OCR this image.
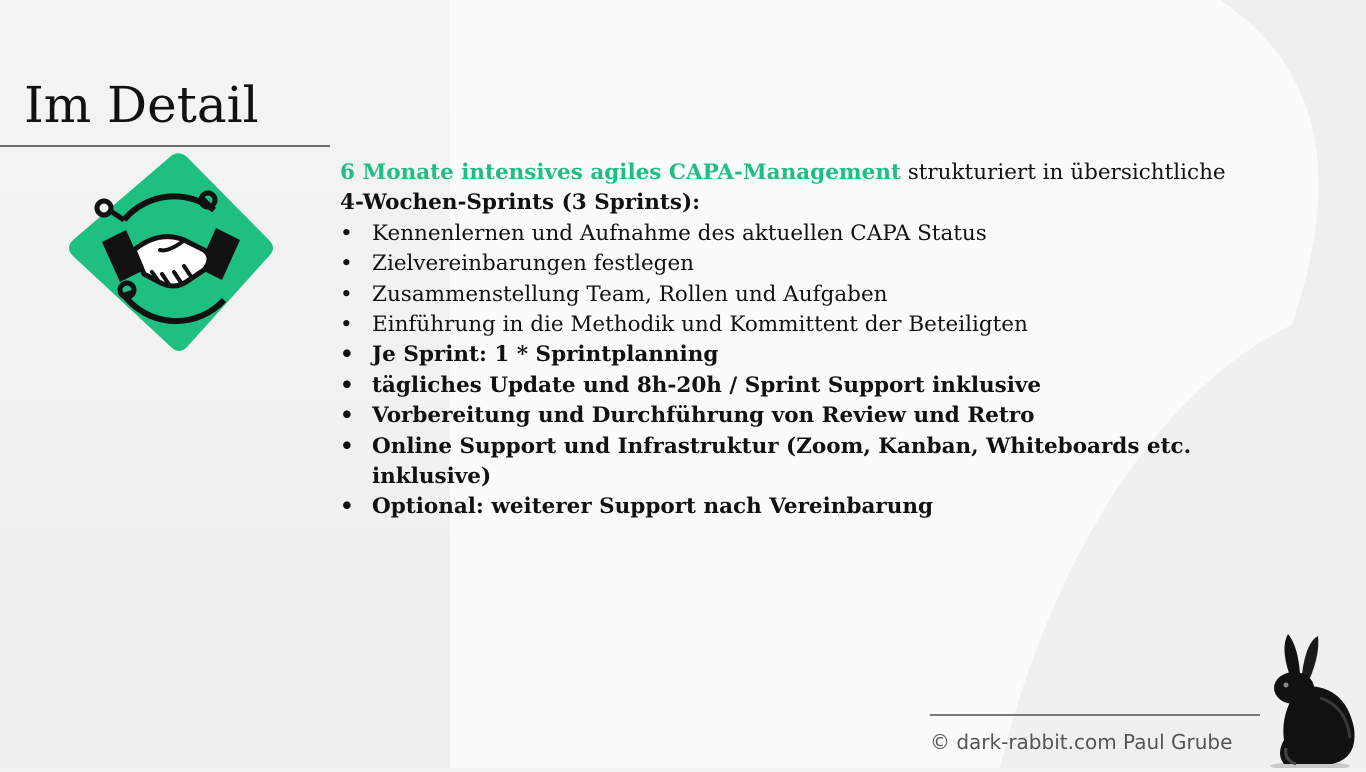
Im Detail
6 Monate intensives agiles CAPA-Management strukturiert in übersichtliche
4-Wochen-Sprints (3 Sprints):
• Kennenlernen und Aufnahme des aktuellen CAPA Status
• Zielvereinbarungen festlegen
• Zusammenstellung Team, Rollen und Aufgaben
• Einführung in die Methodik und Kommittent der Beteiligten
• Je Sprint: 1 * Sprintplanning
• tägliches Update und 8h-20h / Sprint Support inklusive
• Vorbereitung und Durchführung von Review und Retro
• Online Support und Infrastruktur (Zoom, Kanban, Whiteboards etc. inklusive)
• Optional: weiterer Support nach Vereinbarung
© dark-rabbit.com Paul Grube
